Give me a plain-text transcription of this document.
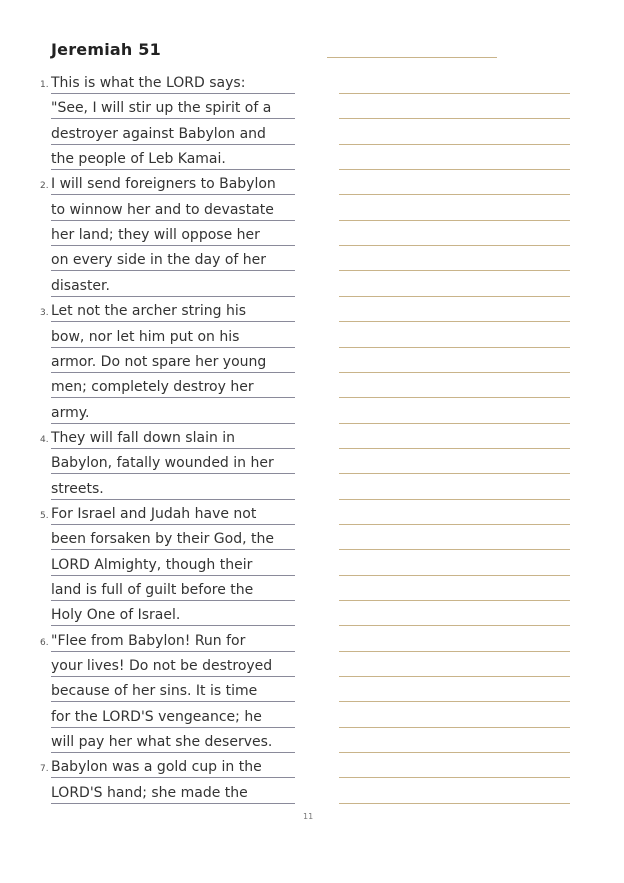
Jeremiah 51
1. This is what the LORD says:
"See, I will stir up the spirit of a
destroyer against Babylon and
the people of Leb Kamai.
2. I will send foreigners to Babylon
to winnow her and to devastate
her land; they will oppose her
on every side in the day of her
disaster.
3. Let not the archer string his
bow, nor let him put on his
armor. Do not spare her young
men; completely destroy her
army.
4. They will fall down slain in
Babylon, fatally wounded in her
streets.
5. For Israel and Judah have not
been forsaken by their God, the
LORD Almighty, though their
land is full of guilt before the
Holy One of Israel.
6. "Flee from Babylon! Run for
your lives! Do not be destroyed
because of her sins. It is time
for the LORD'S vengeance; he
will pay her what she deserves.
7. Babylon was a gold cup in the
LORD'S hand; she made the
11
